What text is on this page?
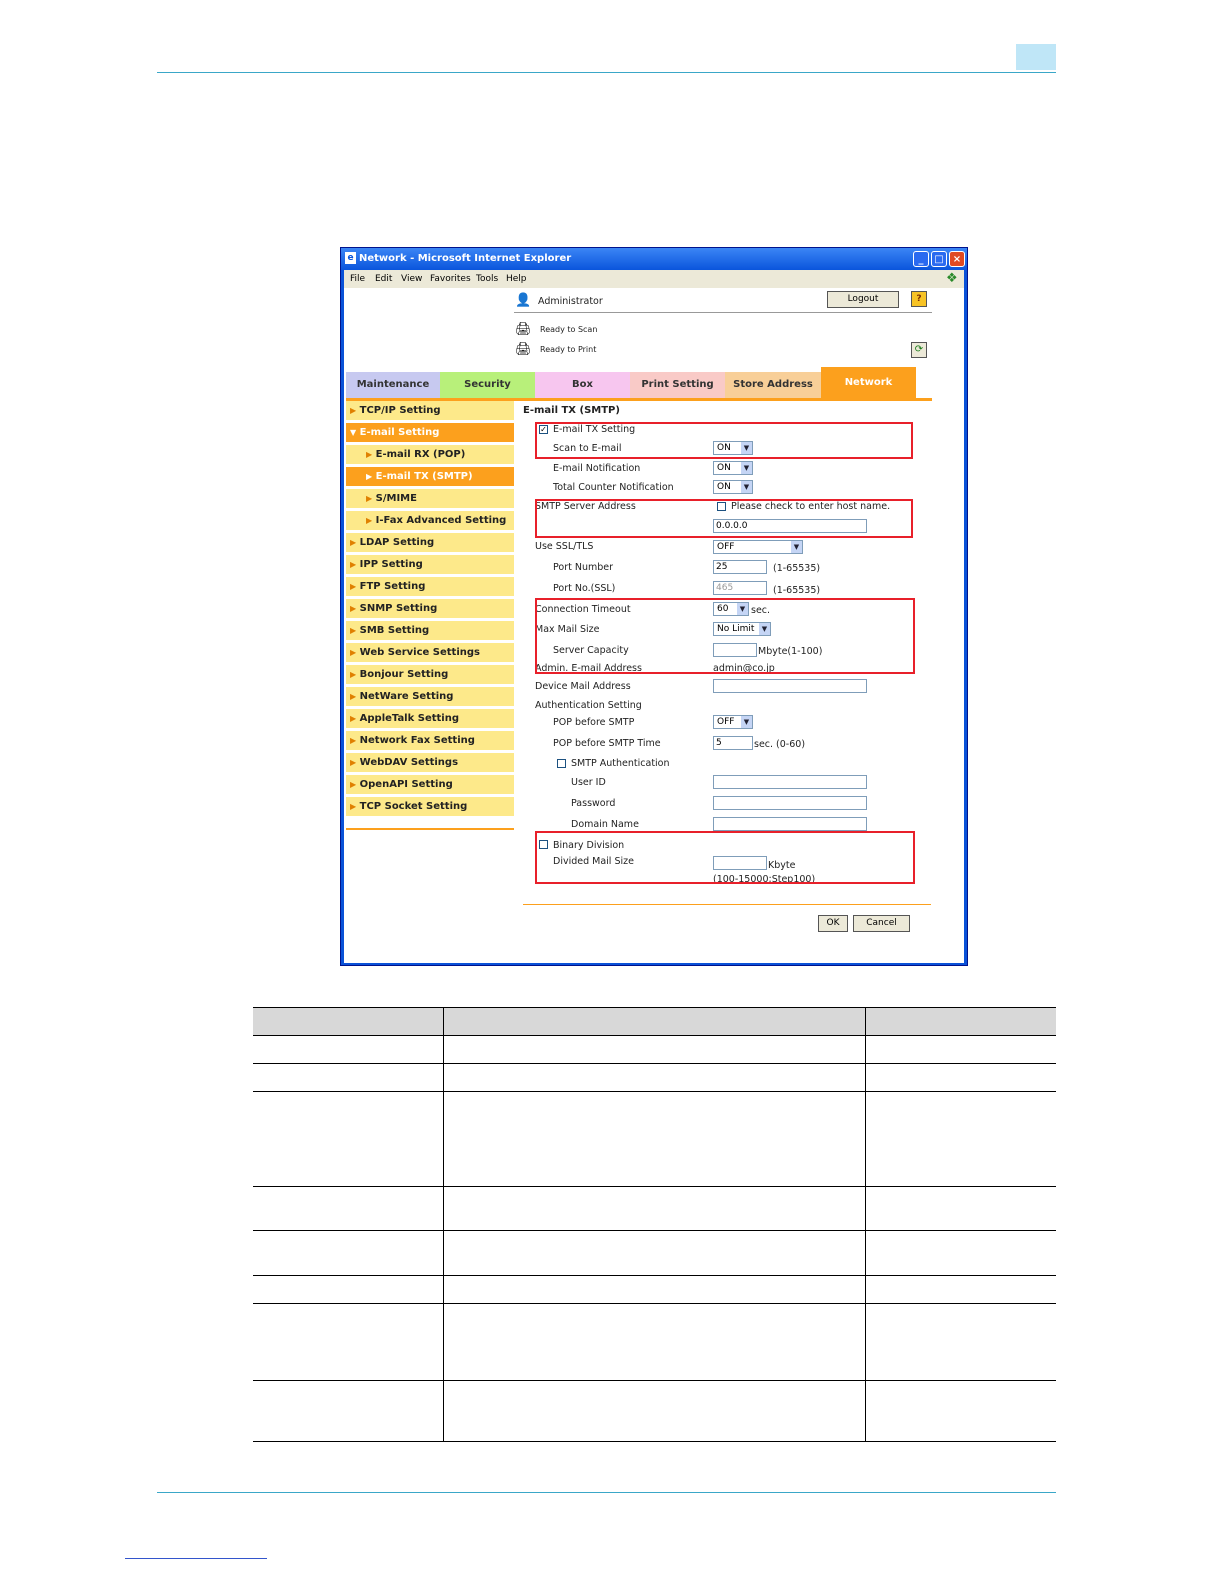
e Network - Microsoft Internet Explorer	_	□ ×
File Edit View Favorites Tools Help	❖
👤 Administrator	Logout	?
🖨 Ready to Scan
🖨 Ready to Print	⟳
Maintenance	Security	Box	Print Setting	Store Address	Network
▶ TCP/IP Setting
▼ E-mail Setting
▶ E-mail RX (POP)
▶ E-mail TX (SMTP)
▶ S/MIME
▶ I-Fax Advanced Setting
▶ LDAP Setting
▶ IPP Setting
▶ FTP Setting
▶ SNMP Setting
▶ SMB Setting
▶ Web Service Settings
▶ Bonjour Setting
▶ NetWare Setting
▶ AppleTalk Setting
▶ Network Fax Setting
▶ WebDAV Settings
▶ OpenAPI Setting
▶ TCP Socket Setting
E-mail TX (SMTP)
✓ E-mail TX Setting
Scan to E-mail	ON	▼
E-mail Notification	ON	▼
Total Counter Notification	ON	▼
SMTP Server Address	Please check to enter host name.
0.0.0.0
Use SSL/TLS	OFF	▼
Port Number	25	(1-65535)
Port No.(SSL)	465	(1-65535)
Connection Timeout	60	▼ sec.
Max Mail Size	No Limit	▼
Server Capacity	Mbyte(1-100)
Admin. E-mail Address	admin@co.jp
Device Mail Address
Authentication Setting
POP before SMTP	OFF	▼
POP before SMTP Time	5	sec. (0-60)
SMTP Authentication
User ID
Password
Domain Name
Binary Division
Divided Mail Size	Kbyte
(100-15000;Step100)
OK	Cancel
